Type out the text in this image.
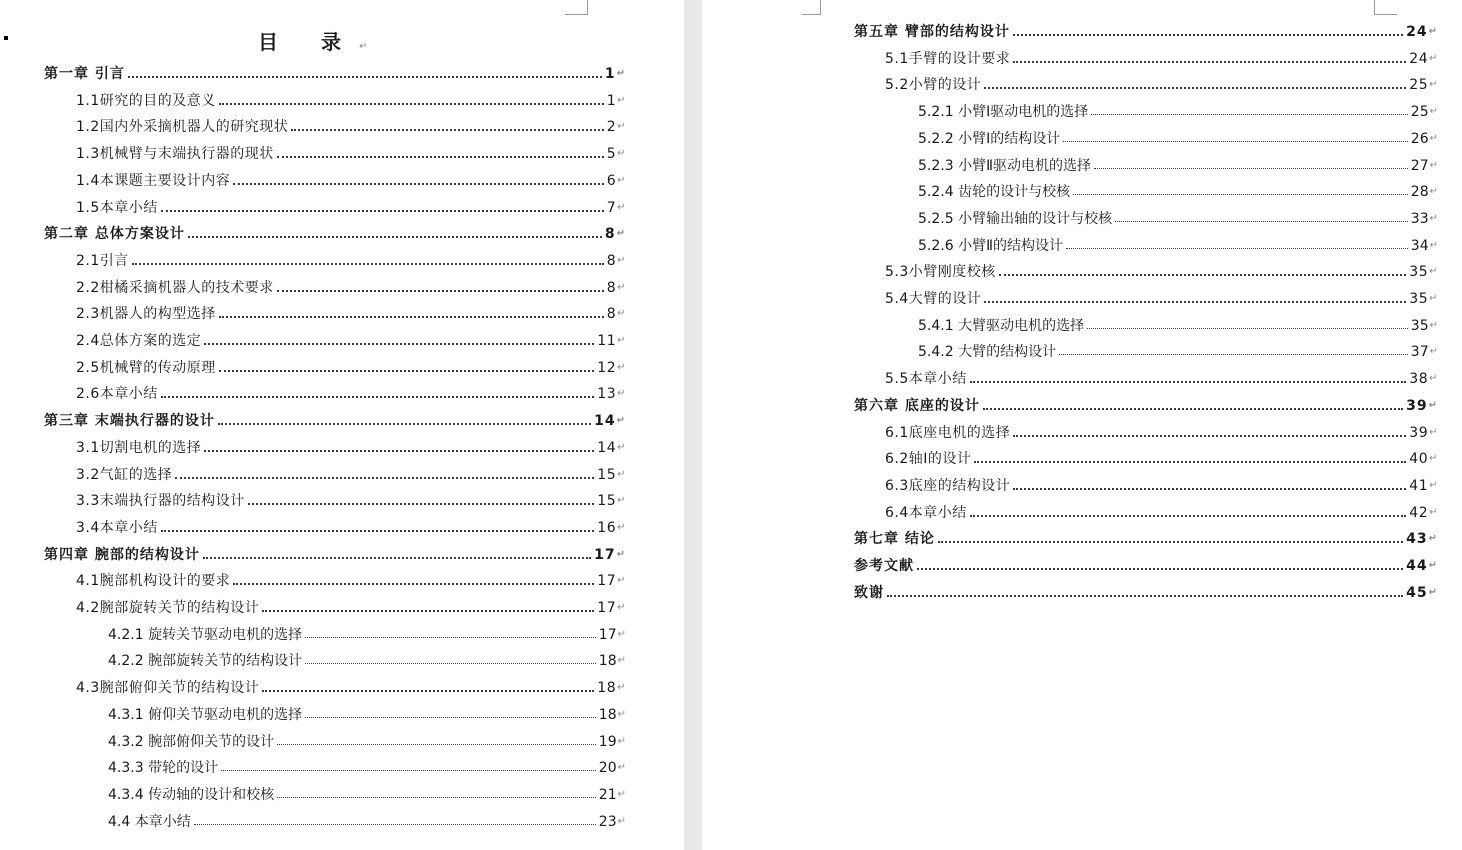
目 录↵
第一章 引言	1 ↵
1.1研究的目的及意义	1 ↵
1.2国内外采摘机器人的研究现状	2 ↵
1.3机械臂与末端执行器的现状	5 ↵
1.4本课题主要设计内容	6 ↵
1.5本章小结	7 ↵
第二章 总体方案设计	8 ↵
2.1引言	8 ↵
2.2柑橘采摘机器人的技术要求	8 ↵
2.3机器人的构型选择	8 ↵
2.4总体方案的选定	11 ↵
2.5机械臂的传动原理	12 ↵
2.6本章小结	13 ↵
第三章 末端执行器的设计	14 ↵
3.1切割电机的选择	14 ↵
3.2气缸的选择	15 ↵
3.3末端执行器的结构设计	15 ↵
3.4本章小结	16 ↵
第四章 腕部的结构设计	17 ↵
4.1腕部机构设计的要求	17 ↵
4.2腕部旋转关节的结构设计	17 ↵
4.2.1 旋转关节驱动电机的选择	17 ↵
4.2.2 腕部旋转关节的结构设计	18 ↵
4.3腕部俯仰关节的结构设计	18 ↵
4.3.1 俯仰关节驱动电机的选择	18 ↵
4.3.2 腕部俯仰关节的设计	19 ↵
4.3.3 带轮的设计	20 ↵
4.3.4 传动轴的设计和校核	21 ↵
4.4 本章小结	23 ↵
第五章 臂部的结构设计	24 ↵
5.1手臂的设计要求	24 ↵
5.2小臂的设计	25 ↵
5.2.1 小臂Ⅰ驱动电机的选择	25 ↵
5.2.2 小臂Ⅰ的结构设计	26 ↵
5.2.3 小臂Ⅱ驱动电机的选择	27 ↵
5.2.4 齿轮的设计与校核	28 ↵
5.2.5 小臂输出轴的设计与校核	33 ↵
5.2.6 小臂Ⅱ的结构设计	34 ↵
5.3小臂刚度校核	35 ↵
5.4大臂的设计	35 ↵
5.4.1 大臂驱动电机的选择	35 ↵
5.4.2 大臂的结构设计	37 ↵
5.5本章小结	38 ↵
第六章 底座的设计	39 ↵
6.1底座电机的选择	39 ↵
6.2轴Ⅰ的设计	40 ↵
6.3底座的结构设计	41 ↵
6.4本章小结	42 ↵
第七章 结论	43 ↵
参考文献	44 ↵
致谢	45 ↵
